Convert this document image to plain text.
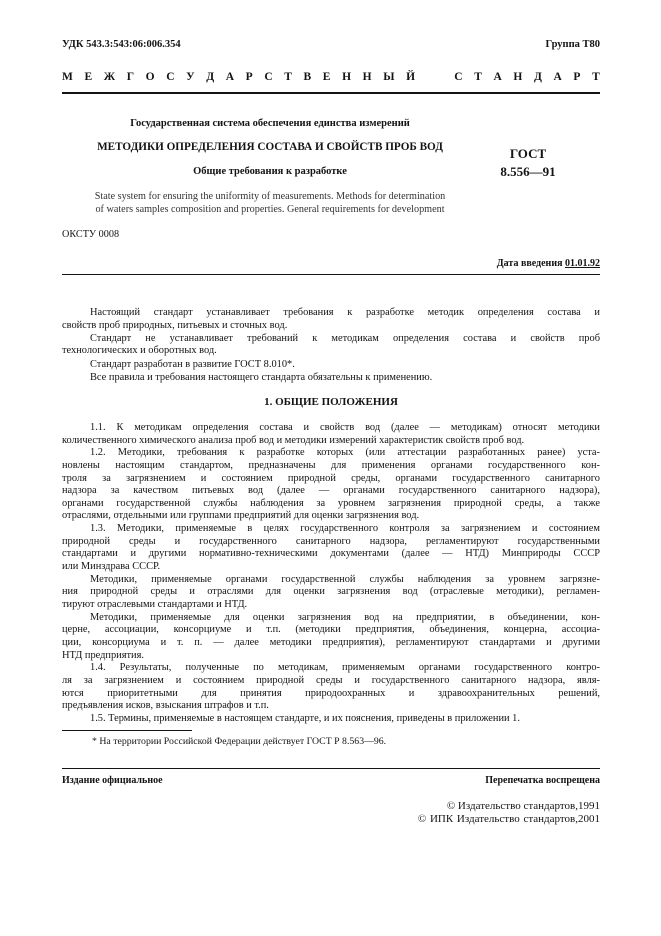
УДК 543.3:543:06:006.354	Группа Т80
М Е Ж Г О С У Д А Р С Т В Е Н Н Ы Й	С Т А Н Д А Р Т
Государственная система обеспечения единства измерений
МЕТОДИКИ ОПРЕДЕЛЕНИЯ СОСТАВА И СВОЙСТВ ПРОБ ВОД
Общие требования к разработке
ГОСТ
8.556—91
State system for ensuring the uniformity of measurements. Methods for determination
of waters samples composition and properties. General requirements for development
ОКСТУ 0008
Дата введения 01.01.92
Настоящий стандарт устанавливает требования к разработке методик определения состава и
свойств проб природных, питьевых и сточных вод.
Стандарт не устанавливает требований к методикам определения состава и свойств проб
технологических и оборотных вод.
Стандарт разработан в развитие ГОСТ 8.010*.
Все правила и требования настоящего стандарта обязательны к применению.
1. ОБЩИЕ ПОЛОЖЕНИЯ
1.1. К методикам определения состава и свойств вод (далее — методикам) относят методики
количественного химического анализа проб вод и методики измерений характеристик свойств проб вод.
1.2. Методики, требования к разработке которых (или аттестации разработанных ранее) уста-
новлены настоящим стандартом, предназначены для применения органами государственного кон-
троля за загрязнением и состоянием природной среды, органами государственного санитарного
надзора за качеством питьевых вод (далее — органами государственного санитарного надзора),
органами государственной службы наблюдения за уровнем загрязнения природной среды, а также
отраслями, отдельными или группами предприятий для оценки загрязнения вод.
1.3. Методики, применяемые в целях государственного контроля за загрязнением и состоянием
природной среды и государственного санитарного надзора, регламентируют государственными
стандартами и другими нормативно-техническими документами (далее — НТД) Минприроды СССР
или Минздрава СССР.
Методики, применяемые органами государственной службы наблюдения за уровнем загрязне-
ния природной среды и отраслями для оценки загрязнения вод (отраслевые методики), регламен-
тируют отраслевыми стандартами и НТД.
Методики, применяемые для оценки загрязнения вод на предприятии, в объединении, кон-
церне, ассоциации, консорциуме и т.п. (методики предприятия, объединения, концерна, ассоциа-
ции, консорциума и т. п. — далее методики предприятия), регламентируют стандартами и другими
НТД предприятия.
1.4. Результаты, полученные по методикам, применяемым органами государственного контро-
ля за загрязнением и состоянием природной среды и государственного санитарного надзора, явля-
ются приоритетными для принятия природоохранных и здравоохранительных решений,
предъявления исков, взыскания штрафов и т.п.
1.5. Термины, применяемые в настоящем стандарте, и их пояснения, приведены в приложении 1.
* На территории Российской Федерации действует ГОСТ Р 8.563—96.
Издание официальное	Перепечатка воспрещена
© Издательство стандартов,1991
© ИПК Издательство стандартов,2001
